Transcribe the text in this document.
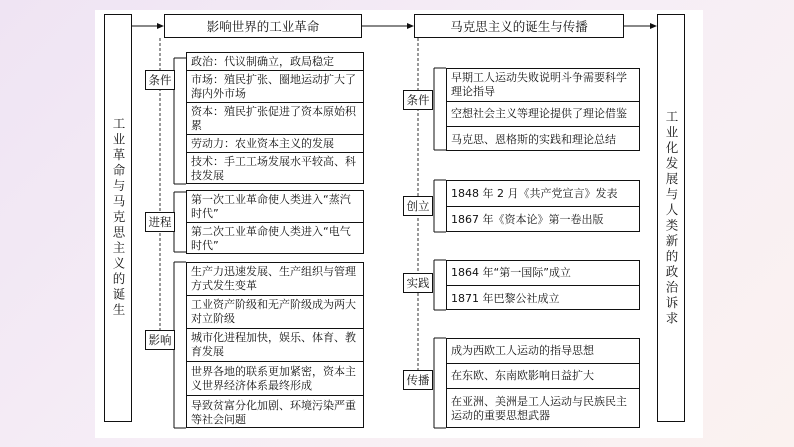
工业革命与马克思主义的诞生	工业化发展与人类新的政治诉求
影响世界的工业革命	马克思主义的诞生与传播
条件
进程
影响
政治：代议制确立，政局稳定
市场：殖民扩张、圈地运动扩大了海内外市场
资本：殖民扩张促进了资本原始积累
劳动力：农业资本主义的发展
技术：手工工场发展水平较高、科技发展
第一次工业革命使人类进入“蒸汽时代”
第二次工业革命使人类进入“电气时代”
生产力迅速发展、生产组织与管理方式发生变革
工业资产阶级和无产阶级成为两大对立阶级
城市化进程加快，娱乐、体育、教育发展
世界各地的联系更加紧密，资本主义世界经济体系最终形成
导致贫富分化加剧、环境污染严重等社会问题
条件
创立
实践
传播
早期工人运动失败说明斗争需要科学理论指导
空想社会主义等理论提供了理论借鉴
马克思、恩格斯的实践和理论总结
1848 年 2 月《共产党宣言》发表
1867 年《资本论》第一卷出版
1864 年“第一国际”成立
1871 年巴黎公社成立
成为西欧工人运动的指导思想
在东欧、东南欧影响日益扩大
在亚洲、美洲是工人运动与民族民主运动的重要思想武器
